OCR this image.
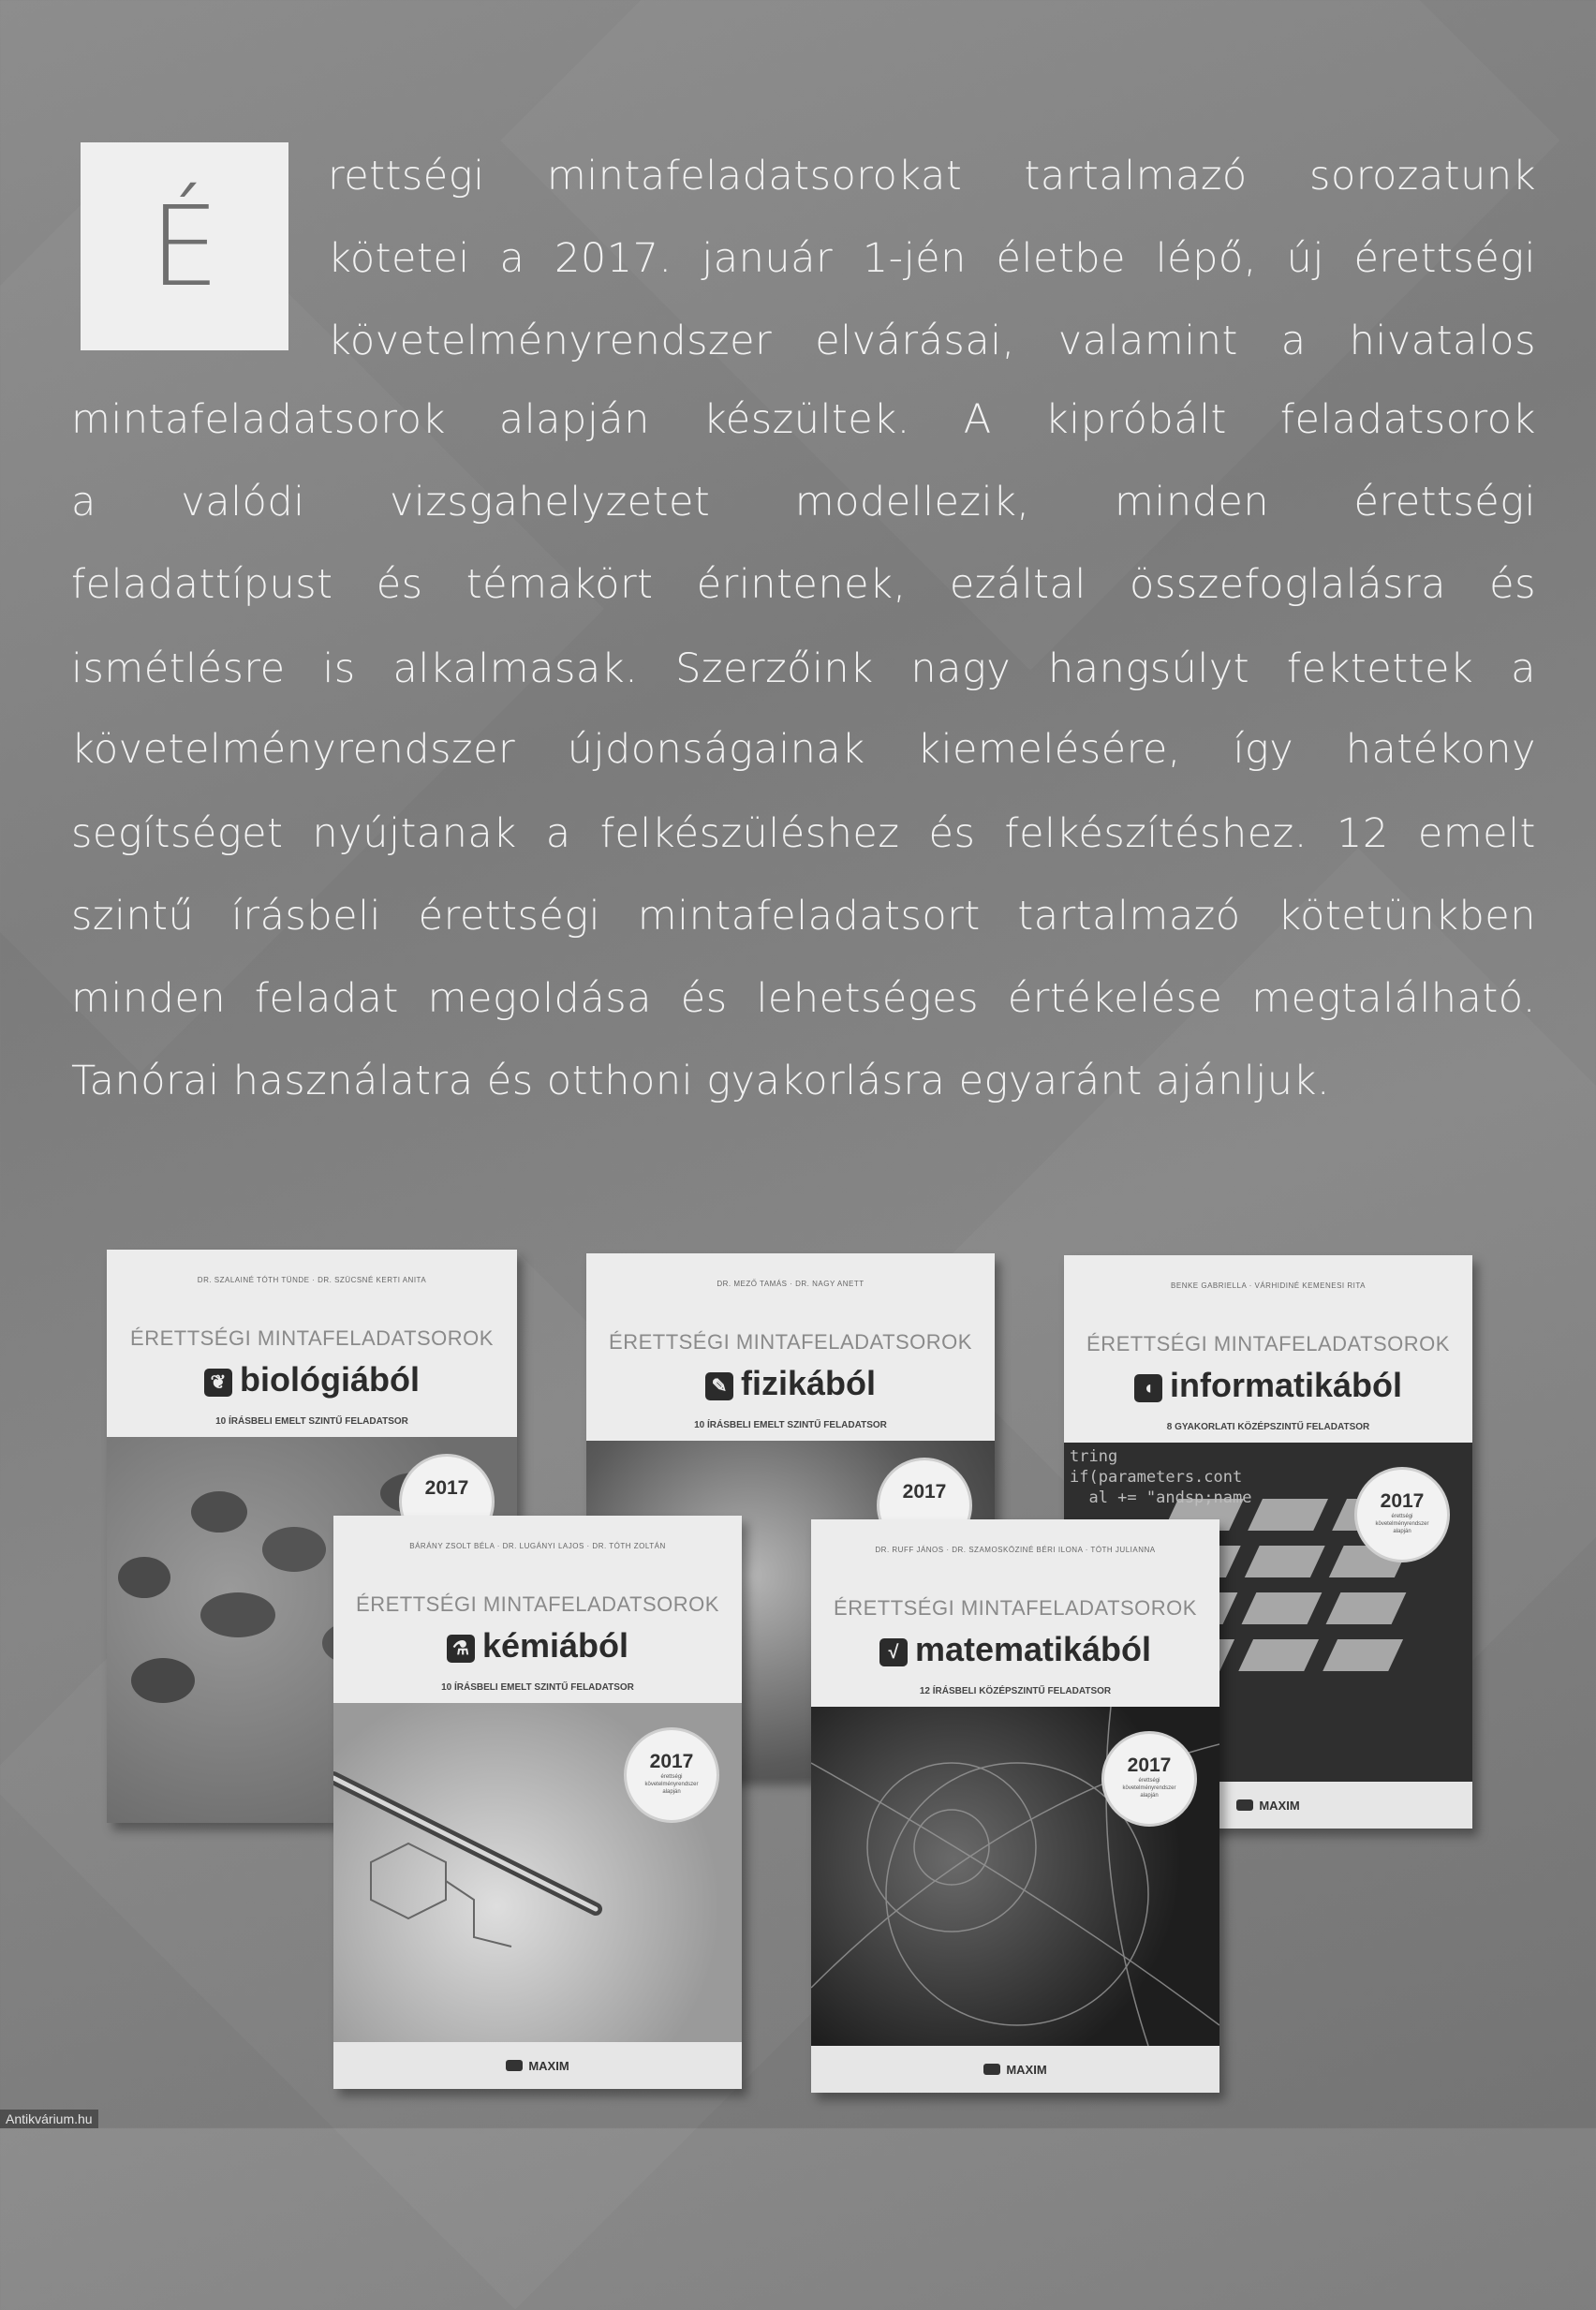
É
rettségi mintafeladatsorokat tartalmazó sorozatunk
kötetei a 2017. január 1-jén életbe lépő, új érettségi
követelményrendszer elvárásai, valamint a hivatalos
mintafeladatsorok alapján készültek. A kipróbált feladatsorok
a valódi vizsgahelyzetet modellezik, minden érettségi
feladattípust és témakört érintenek, ezáltal összefoglalásra és
ismétlésre is alkalmasak. Szerzőink nagy hangsúlyt fektettek a
követelményrendszer újdonságainak kiemelésére, így hatékony
segítséget nyújtanak a felkészüléshez és felkészítéshez. 12 emelt
szintű írásbeli érettségi mintafeladatsort tartalmazó kötetünkben
minden feladat megoldása és lehetséges értékelése megtalálható.
Tanórai használatra és otthoni gyakorlásra egyaránt ajánljuk.
DR. SZALAINÉ TÓTH TÜNDE · DR. SZÜCSNÉ KERTI ANITA
ÉRETTSÉGI MINTAFELADATSOROK
❦ biológiából
10 ÍRÁSBELI EMELT SZINTŰ FELADATSOR
2017
DR. MEZŐ TAMÁS · DR. NAGY ANETT
ÉRETTSÉGI MINTAFELADATSOROK
✎ fizikából
10 ÍRÁSBELI EMELT SZINTŰ FELADATSOR
2017
BENKE GABRIELLA · VÁRHIDINÉ KEMENESI RITA
ÉRETTSÉGI MINTAFELADATSOROK
◖ informatikából
8 GYAKORLATI KÖZÉPSZINTŰ FELADATSOR
tring
if(parameters.cont
al += "andsp;name	2017
érettségi követelményrendszer alapján
MAXIM
BÁRÁNY ZSOLT BÉLA · DR. LUGÁNYI LAJOS · DR. TÓTH ZOLTÁN
ÉRETTSÉGI MINTAFELADATSOROK
⚗ kémiából
10 ÍRÁSBELI EMELT SZINTŰ FELADATSOR
2017
érettségi követelményrendszer alapján
MAXIM
DR. RUFF JÁNOS · DR. SZAMOSKÖZINÉ BÉRI ILONA · TÓTH JULIANNA
ÉRETTSÉGI MINTAFELADATSOROK
√ matematikából
12 ÍRÁSBELI KÖZÉPSZINTŰ FELADATSOR
2017
érettségi követelményrendszer alapján
MAXIM
Antikvárium.hu
